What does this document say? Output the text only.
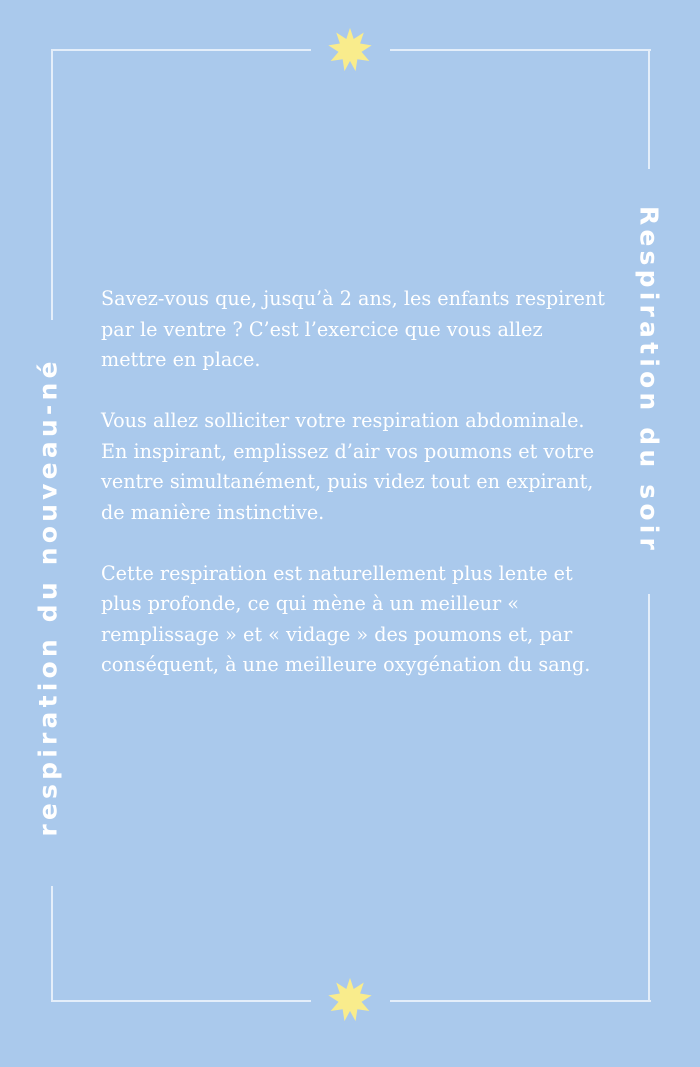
respiration du nouveau-né	Respiration du soir

Savez-vous que, jusqu’à 2 ans, les enfants respirent par le ventre ? C’est l’exercice que vous allez mettre en place.

Vous allez solliciter votre respiration abdominale.

En inspirant, emplissez d’air vos poumons et votre ventre simultanément, puis videz tout en expirant, de manière instinctive.

Cette respiration est naturellement plus lente et plus profonde, ce qui mène à un meilleur « remplissage » et « vidage » des poumons et, par conséquent, à une meilleure oxygénation du sang.
